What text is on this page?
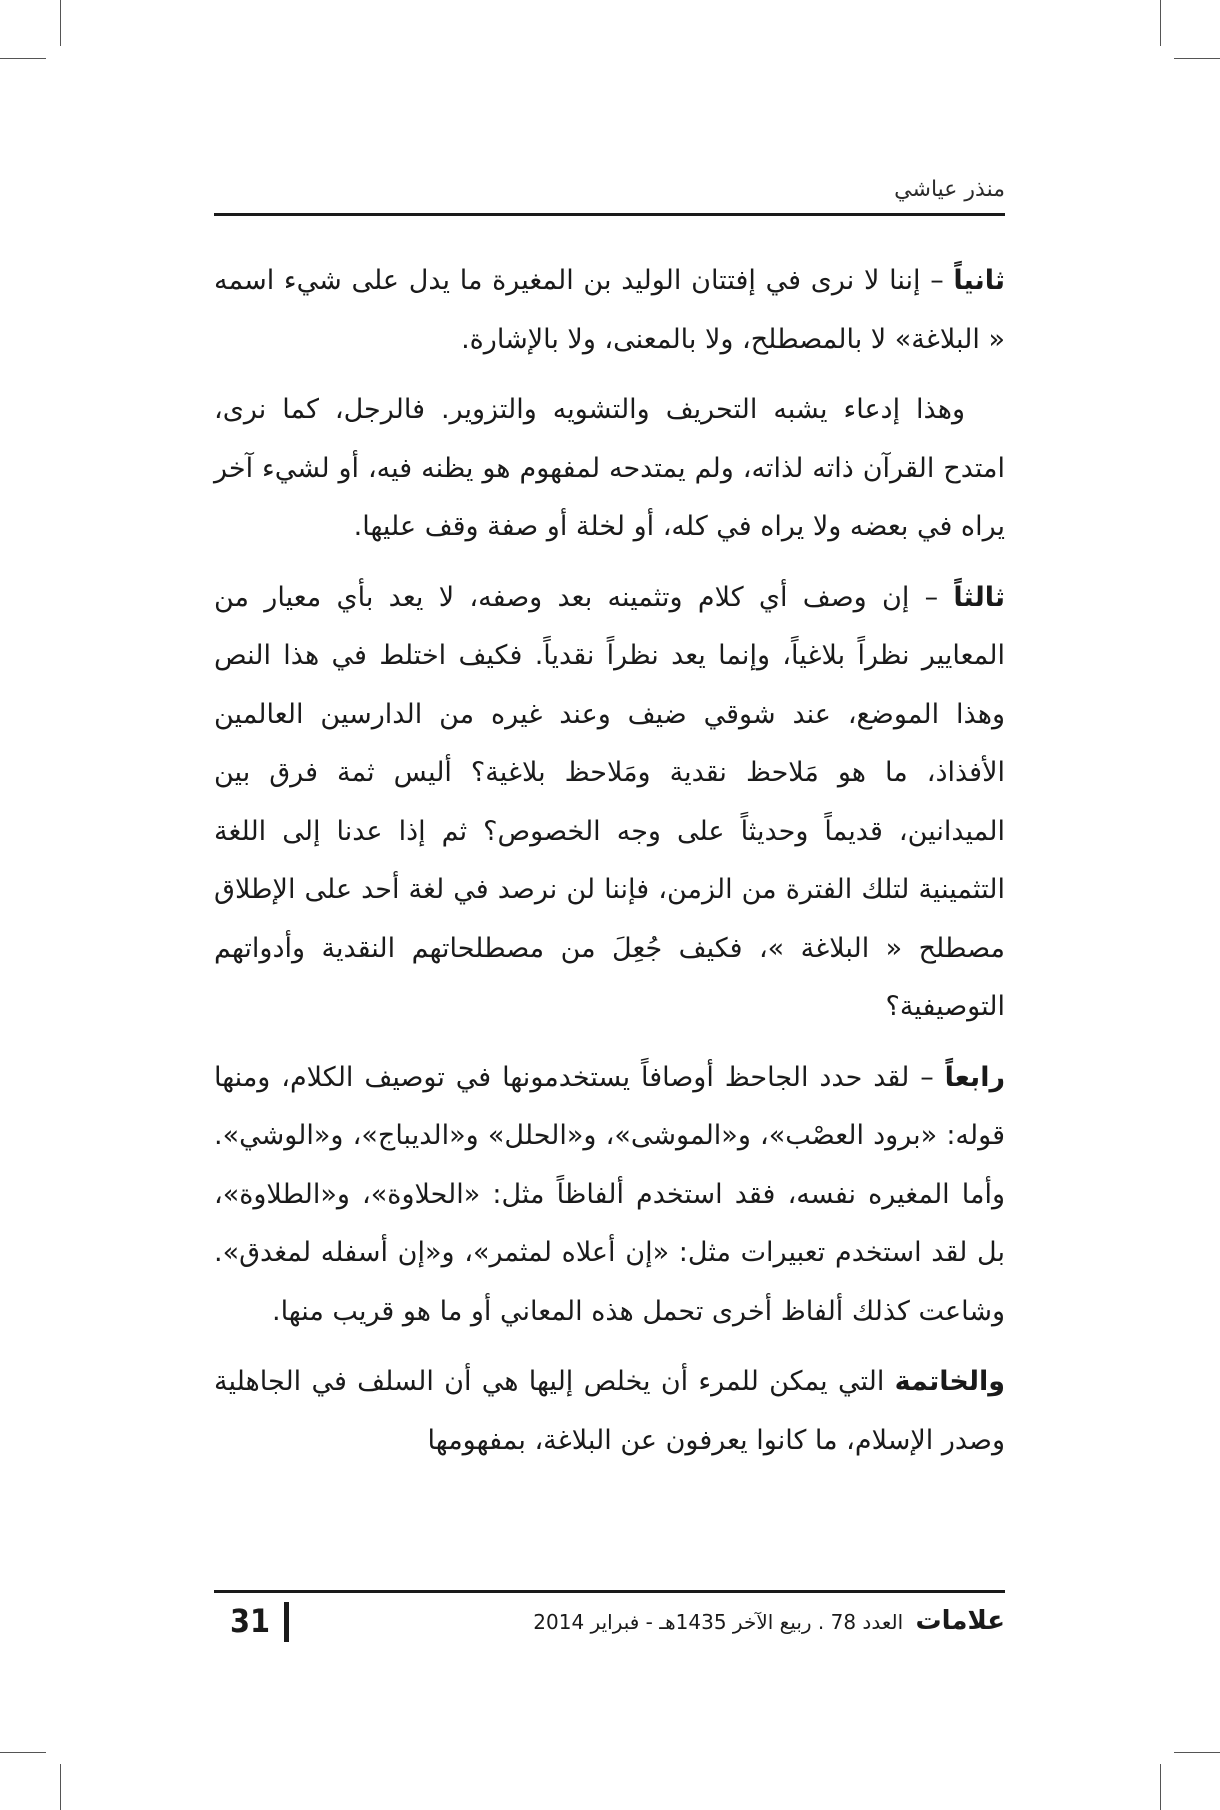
منذر عياشي

ثانياً – إننا لا نرى في إفتتان الوليد بن المغيرة ما يدل على شيء اسمه « البلاغة» لا بالمصطلح، ولا بالمعنى، ولا بالإشارة.

وهذا إدعاء يشبه التحريف والتشويه والتزوير. فالرجل، كما نرى، امتدح القرآن ذاته لذاته، ولم يمتدحه لمفهوم هو يظنه فيه، أو لشيء آخر يراه في بعضه ولا يراه في كله، أو لخلة أو صفة وقف عليها.

ثالثاً – إن وصف أي كلام وتثمينه بعد وصفه، لا يعد بأي معيار من المعايير نظراً بلاغياً، وإنما يعد نظراً نقدياً. فكيف اختلط في هذا النص وهذا الموضع، عند شوقي ضيف وعند غيره من الدارسين العالمين الأفذاذ، ما هو مَلاحظ نقدية ومَلاحظ بلاغية؟ أليس ثمة فرق بين الميدانين، قديماً وحديثاً على وجه الخصوص؟ ثم إذا عدنا إلى اللغة التثمينية لتلك الفترة من الزمن، فإننا لن نرصد في لغة أحد على الإطلاق مصطلح « البلاغة »، فكيف جُعِلَ من مصطلحاتهم النقدية وأدواتهم التوصيفية؟

رابعاً – لقد حدد الجاحظ أوصافاً يستخدمونها في توصيف الكلام، ومنها قوله: «برود العصْب»، و«الموشى»، و«الحلل» و«الديباج»، و«الوشي». وأما المغيره نفسه، فقد استخدم ألفاظاً مثل: «الحلاوة»، و«الطلاوة»، بل لقد استخدم تعبيرات مثل: «إن أعلاه لمثمر»، و«إن أسفله لمغدق». وشاعت كذلك ألفاظ أخرى تحمل هذه المعاني أو ما هو قريب منها.

والخاتمة التي يمكن للمرء أن يخلص إليها هي أن السلف في الجاهلية وصدر الإسلام، ما كانوا يعرفون عن البلاغة، بمفهومها

31	علامات العدد 78 . ربيع الآخر 1435هـ - فبراير 2014
